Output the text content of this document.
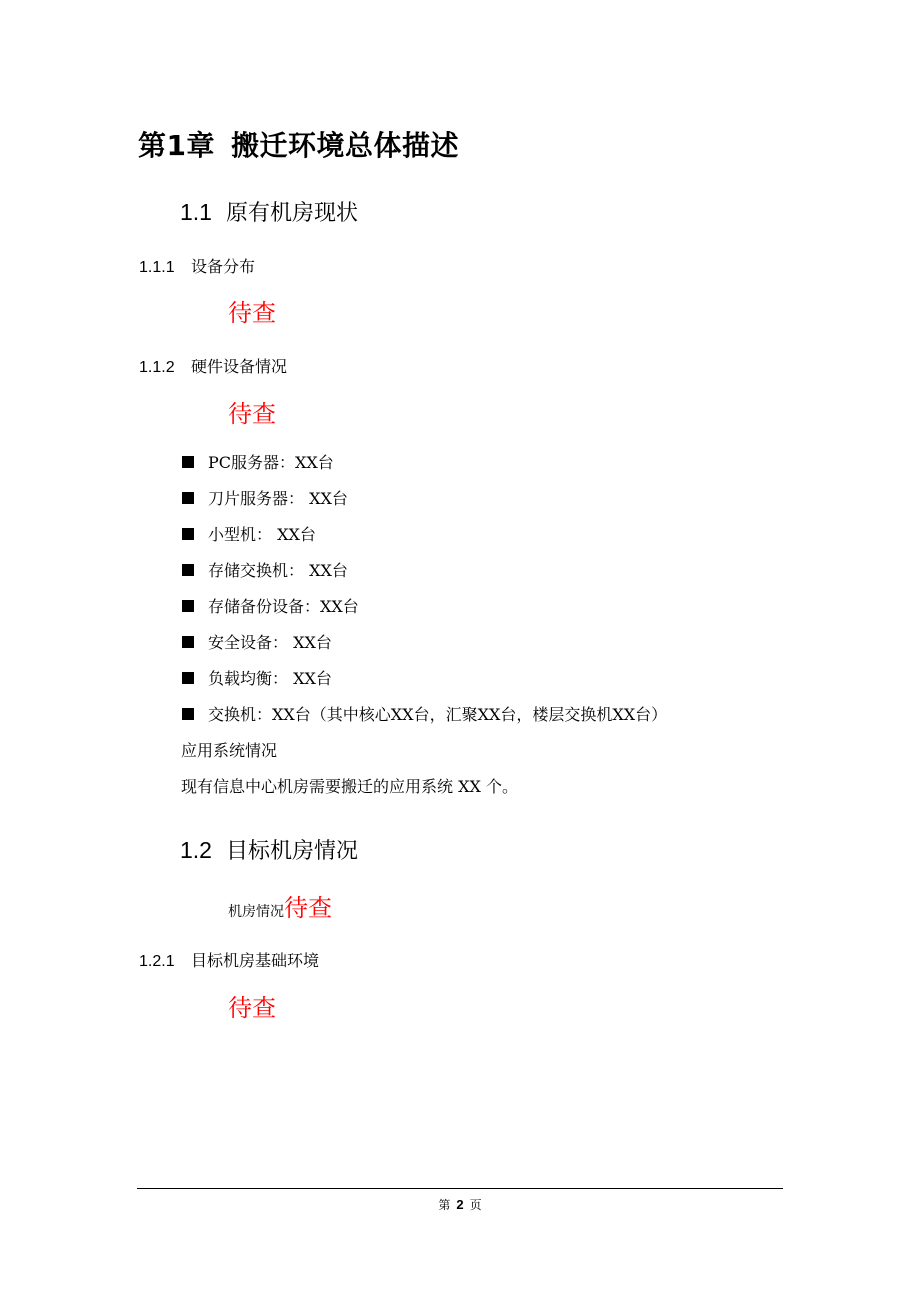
第1章 搬迁环境总体描述
1.1 原有机房现状
1.1.1 设备分布
待查
1.1.2 硬件设备情况
待查
PC服务器：XX台
刀片服务器： XX台
小型机： XX台
存储交换机： XX台
存储备份设备：XX台
安全设备： XX台
负载均衡： XX台
交换机：XX台（其中核心XX台，汇聚XX台，楼层交换机XX台）
应用系统情况
现有信息中心机房需要搬迁的应用系统 XX 个。
1.2 目标机房情况
机房情况待查
1.2.1 目标机房基础环境
待查
第 2 页
